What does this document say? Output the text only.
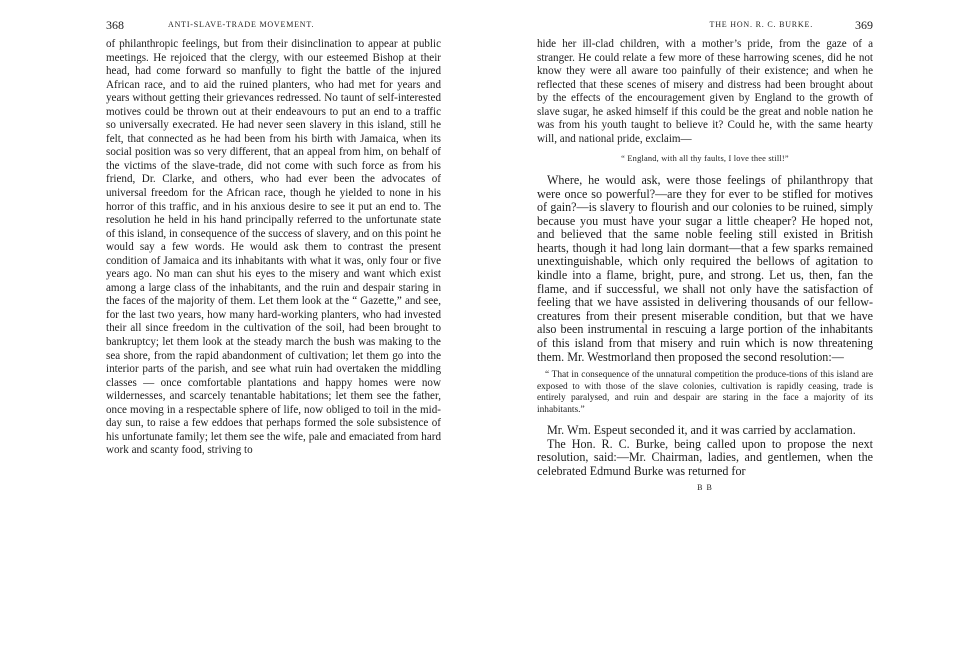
368	ANTI-SLAVE-TRADE MOVEMENT.

of philanthropic feelings, but from their disinclination to appear at public meetings. He rejoiced that the clergy, with our esteemed Bishop at their head, had come forward so manfully to fight the battle of the injured African race, and to aid the ruined planters, who had met for years and years without getting their grievances redressed. No taunt of self-interested motives could be thrown out at their endeavours to put an end to a traffic so universally execrated. He had never seen slavery in this island, still he felt, that connected as he had been from his birth with Jamaica, when its social position was so very different, that an appeal from him, on behalf of the victims of the slave-trade, did not come with such force as from his friend, Dr. Clarke, and others, who had ever been the advocates of universal freedom for the African race, though he yielded to none in his horror of this traffic, and in his anxious desire to see it put an end to. The resolution he held in his hand principally referred to the unfortunate state of this island, in consequence of the success of slavery, and on this point he would say a few words. He would ask them to contrast the present condition of Jamaica and its inhabitants with what it was, only four or five years ago. No man can shut his eyes to the misery and want which exist among a large class of the inhabitants, and the ruin and despair staring in the faces of the majority of them. Let them look at the “ Gazette,” and see, for the last two years, how many hard-working planters, who had invested their all since freedom in the cultivation of the soil, had been brought to bankruptcy; let them look at the steady march the bush was making to the sea shore, from the rapid abandonment of cultivation; let them go into the interior parts of the parish, and see what ruin had overtaken the middling classes — once comfortable plantations and happy homes were now wildernesses, and scarcely tenantable habitations; let them see the father, once moving in a respectable sphere of life, now obliged to toil in the mid-day sun, to raise a few eddoes that perhaps formed the sole subsistence of his unfortunate family; let them see the wife, pale and emaciated from hard work and scanty food, striving to

THE HON. R. C. BURKE.	369

hide her ill-clad children, with a mother’s pride, from the gaze of a stranger. He could relate a few more of these harrowing scenes, did he not know they were all aware too painfully of their existence; and when he reflected that these scenes of misery and distress had been brought about by the effects of the encouragement given by England to the growth of slave sugar, he asked himself if this could be the great and noble nation he was from his youth taught to believe it? Could he, with the same hearty will, and national pride, exclaim—

“ England, with all thy faults, I love thee still!”

Where, he would ask, were those feelings of philanthropy that were once so powerful?—are they for ever to be stifled for motives of gain?—is slavery to flourish and our colonies to be ruined, simply because you must have your sugar a little cheaper? He hoped not, and believed that the same noble feeling still existed in British hearts, though it had long lain dormant—that a few sparks remained unextinguishable, which only required the bellows of agitation to kindle into a flame, bright, pure, and strong. Let us, then, fan the flame, and if successful, we shall not only have the satisfaction of feeling that we have assisted in delivering thousands of our fellow-creatures from their present miserable condition, but that we have also been instrumental in rescuing a large portion of the inhabitants of this island from that misery and ruin which is now threatening them. Mr. Westmorland then proposed the second resolution:—

“ That in consequence of the unnatural competition the produce-tions of this island are exposed to with those of the slave colonies, cultivation is rapidly ceasing, trade is entirely paralysed, and ruin and despair are staring in the face a majority of its inhabitants.”

Mr. Wm. Espeut seconded it, and it was carried by acclamation.

The Hon. R. C. Burke, being called upon to propose the next resolution, said:—Mr. Chairman, ladies, and gentlemen, when the celebrated Edmund Burke was returned for

B B
